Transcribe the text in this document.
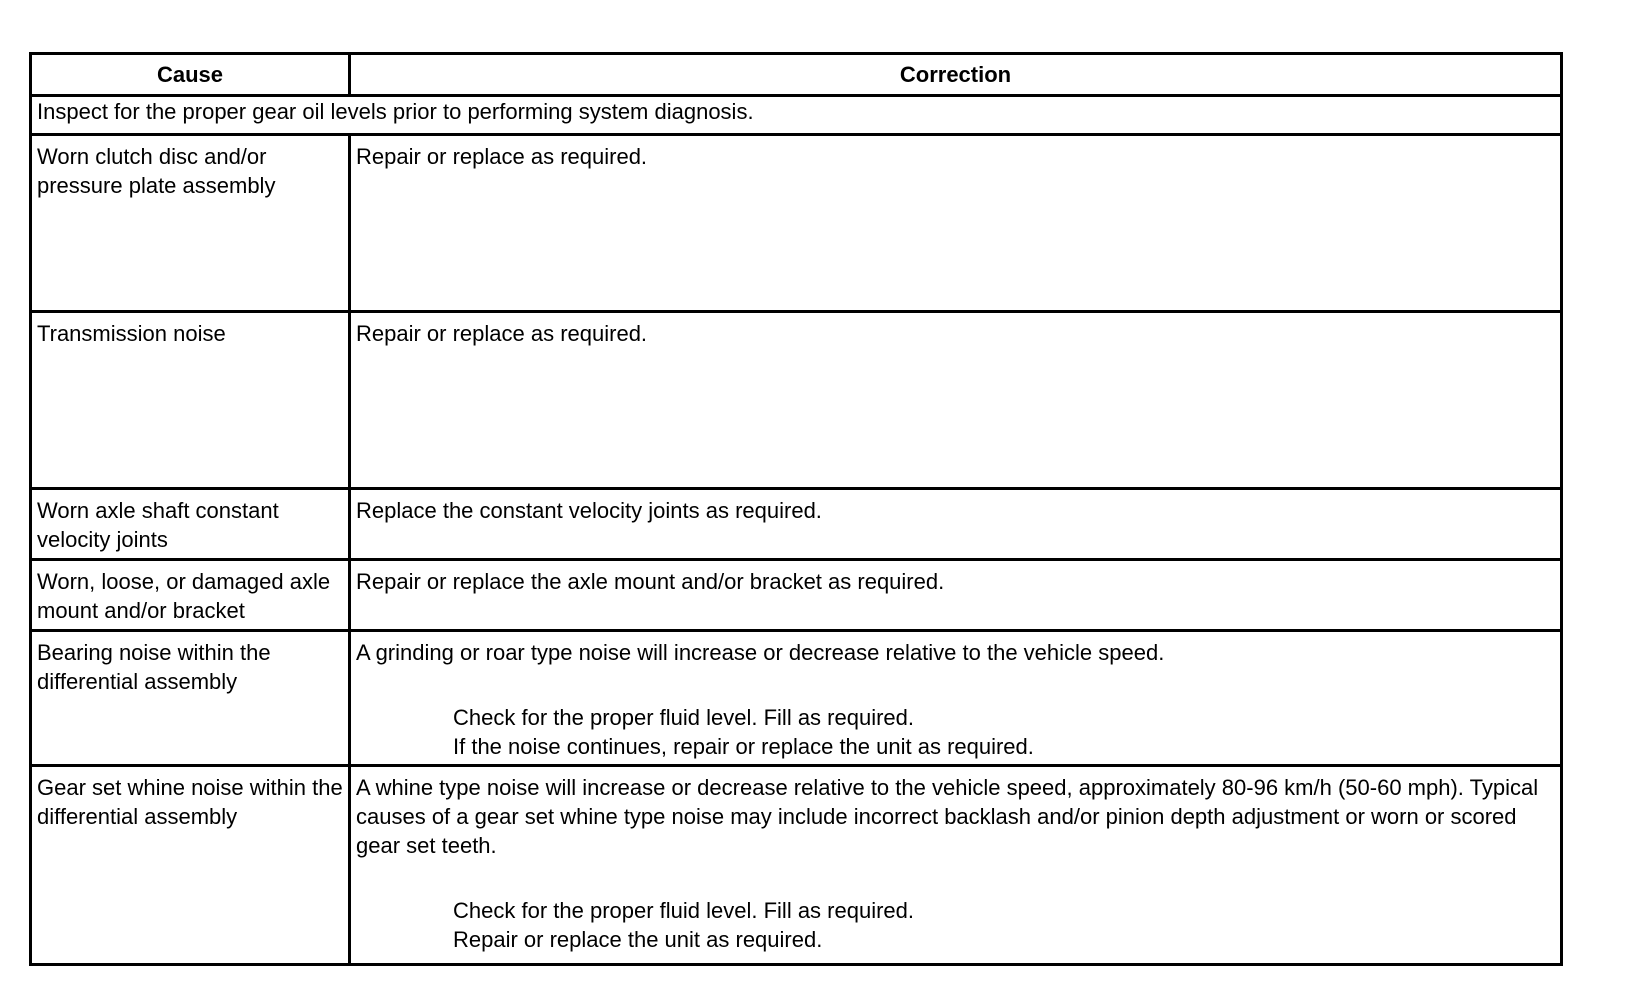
Cause	Correction
Inspect for the proper gear oil levels prior to performing system diagnosis.	
Worn clutch disc and/or pressure plate assembly	Repair or replace as required.
Transmission noise	Repair or replace as required.
Worn axle shaft constant velocity joints	Replace the constant velocity joints as required.
Worn, loose, or damaged axle mount and/or bracket	Repair or replace the axle mount and/or bracket as required.
Bearing noise within the differential assembly	A grinding or roar type noise will increase or decrease relative to the vehicle speed.
Check for the proper fluid level. Fill as required.
If the noise continues, repair or replace the unit as required.

Gear set whine noise within the differential assembly	A whine type noise will increase or decrease relative to the vehicle speed, approximately 80-96 km/h (50-60 mph). Typical causes of a gear set whine type noise may include incorrect backlash and/or pinion depth adjustment or worn or scored gear set teeth.
Check for the proper fluid level. Fill as required.
Repair or replace the unit as required.
